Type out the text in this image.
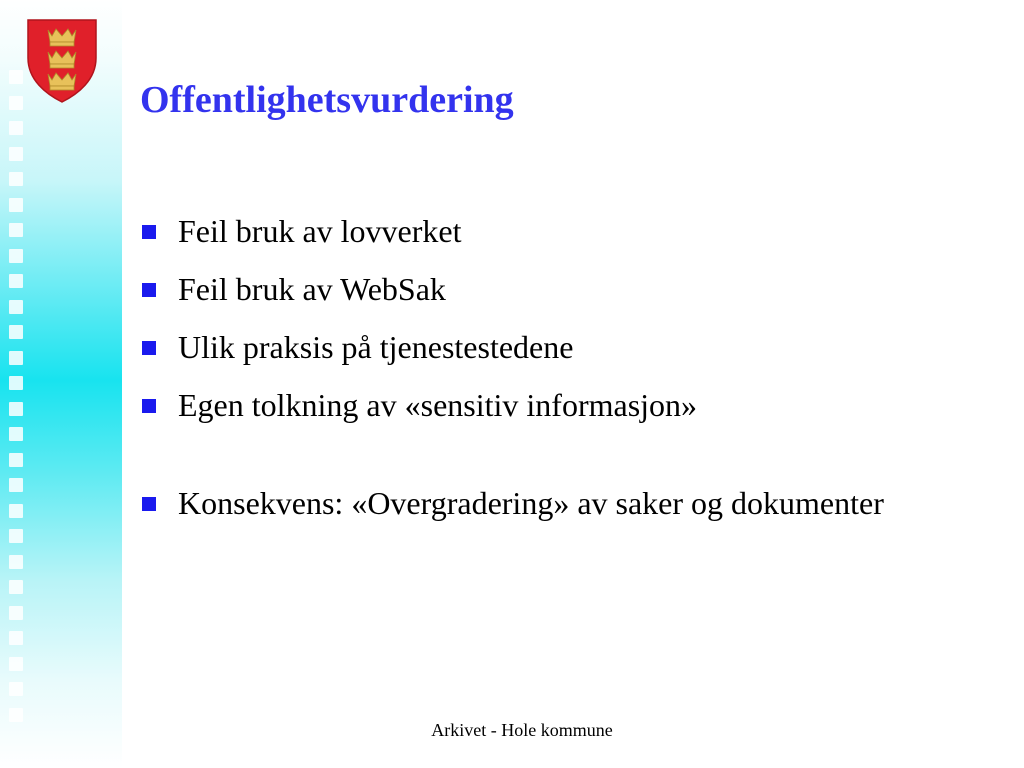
Offentlighetsvurdering
Feil bruk av lovverket
Feil bruk av WebSak
Ulik praksis på tjenestestedene
Egen tolkning av «sensitiv informasjon»
Konsekvens: «Overgradering» av saker og dokumenter
Arkivet - Hole kommune
